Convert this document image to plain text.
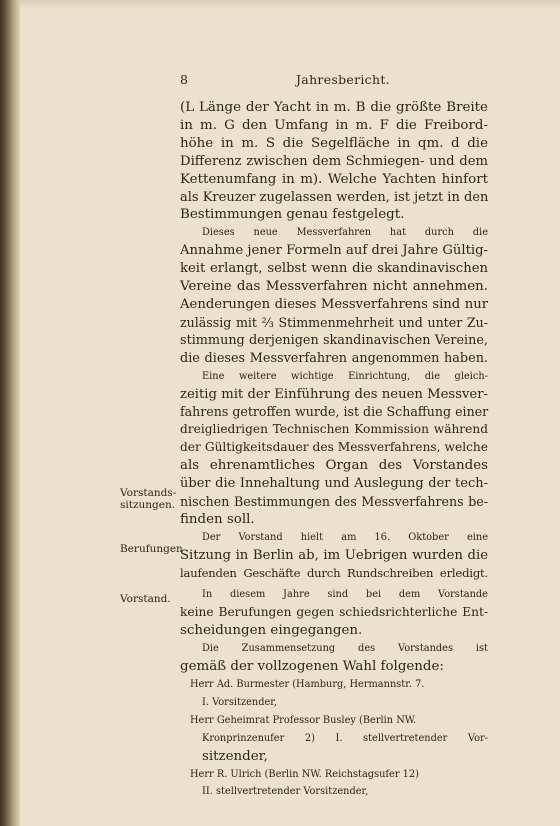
8	Jahresbericht.
Vorstands-
sitzungen.
Berufungen
Vorstand.
(L Länge der Yacht in m. B die größte Breite
in m. G den Umfang in m. F die Freibord-
höhe in m. S die Segelfläche in qm. d die
Differenz zwischen dem Schmiegen- und dem
Kettenumfang in m). Welche Yachten hinfort
als Kreuzer zugelassen werden, ist jetzt in den
Bestimmungen genau festgelegt.
Dieses neue Messverfahren hat durch die
Annahme jener Formeln auf drei Jahre Gültig-
keit erlangt, selbst wenn die skandinavischen
Vereine das Messverfahren nicht annehmen.
Aenderungen dieses Messverfahrens sind nur
zulässig mit ⅔ Stimmenmehrheit und unter Zu-
stimmung derjenigen skandinavischen Vereine,
die dieses Messverfahren angenommen haben.
Eine weitere wichtige Einrichtung, die gleich-
zeitig mit der Einführung des neuen Messver-
fahrens getroffen wurde, ist die Schaffung einer
dreigliedrigen Technischen Kommission während
der Gültigkeitsdauer des Messverfahrens, welche
als ehrenamtliches Organ des Vorstandes
über die Innehaltung und Auslegung der tech-
nischen Bestimmungen des Messverfahrens be-
finden soll.
Der Vorstand hielt am 16. Oktober eine
Sitzung in Berlin ab, im Uebrigen wurden die
laufenden Geschäfte durch Rundschreiben erledigt.
In diesem Jahre sind bei dem Vorstande
keine Berufungen gegen schiedsrichterliche Ent-
scheidungen eingegangen.
Die Zusammensetzung des Vorstandes ist
gemäß der vollzogenen Wahl folgende:
Herr Ad. Burmester (Hamburg, Hermannstr. 7.
I. Vorsitzender,
Herr Geheimrat Professor Busley (Berlin NW.
Kronprinzenufer 2) I. stellvertretender Vor-
sitzender,
Herr R. Ulrich (Berlin NW. Reichstagsufer 12)
II. stellvertretender Vorsitzender,
